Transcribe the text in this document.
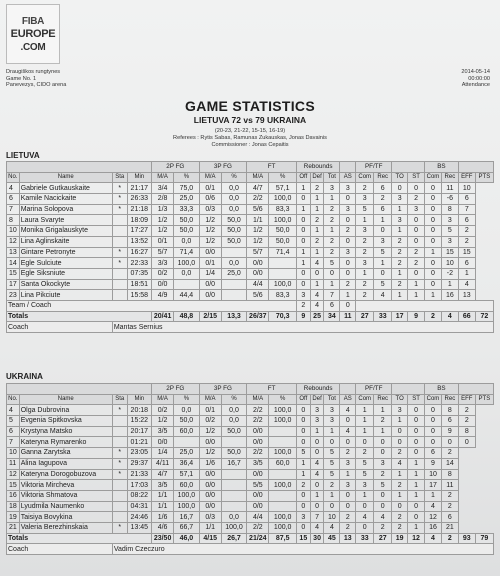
FIBA
EUROPE
.COM
Draugiškos rungtynes
Game No. 1
Panevezys, CIDO arena
2014-05-14
00:00:00
Attendance
GAME STATISTICS
LIETUVA 72 vs 79 UKRAINA
(20-23, 21-22, 15-15, 16-19)
Referees : Rytis Sabas, Ramunas Zukauskas, Jonas Davainis
Commissioner : Jonas Cepaitis
LIETUVA
				2P FG		3P FG		FT		Rebounds				PF/TF				BS			
No.	Name	Sta	Min	M/A	%	M/A	%	M/A	%	Off	Def	Tot	AS	Com	Rec	TO	ST	Com	Rec	EFF	PTS
4	Gabriele Gutkauskaite	*	21:17	3/4	75,0	0/1	0,0	4/7	57,1	1	2	3	3	2	6	0	0	0	11	10	
6	Kamile Nacickaite	*	26:33	2/8	25,0	0/6	0,0	2/2	100,0	0	1	1	0	3	2	3	2	0	-6	6	
7	Marina Solopova	*	21:18	1/3	33,3	0/3	0,0	5/6	83,3	1	1	2	3	5	6	1	3	0	8	7	
8	Laura Svaryte		18:09	1/2	50,0	1/2	50,0	1/1	100,0	0	2	2	0	1	1	3	0	0	3	6	
10	Monika Grigalauskyte		17:27	1/2	50,0	1/2	50,0	1/2	50,0	0	1	1	2	3	0	1	0	0	5	2	
12	Lina Aglinskaite		13:52	0/1	0,0	1/2	50,0	1/2	50,0	0	2	2	0	2	3	2	0	0	3	2	
13	Gintare Petronyte	*	16:27	5/7	71,4	0/0		5/7	71,4	1	1	2	3	2	5	2	2	1	15	15	
14	Egle Sulciute	*	22:33	3/3	100,0	0/1	0,0	0/0		1	4	5	0	3	1	2	2	0	10	6	
15	Egle Siksniute		07:35	0/2	0,0	1/4	25,0	0/0		0	0	0	0	1	0	1	0	0	-2	1	
17	Santa Okockyte		18:51	0/0		0/0		4/4	100,0	0	1	1	2	2	5	2	1	0	1	4	
23	Lina Pikciute		15:58	4/9	44,4	0/0		5/6	83,3	3	4	7	1	2	4	1	1	1	16	13	
Team / Coach										2	4	6	0								
Totals				20/41	48,8	2/15	13,3	26/37	70,3	9	25	34	11	27	33	17	9	2	4	66	72
Coach		Mantas Sernius																			
UKRAINA
				2P FG		3P FG		FT		Rebounds				PF/TF				BS			
No.	Name	Sta	Min	M/A	%	M/A	%	M/A	%	Off	Def	Tot	AS	Com	Rec	TO	ST	Com	Rec	EFF	PTS
4	Olga Dubrovina	*	20:18	0/2	0,0	0/1	0,0	2/2	100,0	0	3	3	4	1	1	3	0	0	8	2	
5	Evgenia Spitkovska		15:22	1/2	50,0	0/2	0,0	2/2	100,0	0	3	3	0	1	2	1	0	0	6	2	
6	Krystyna Matsko		20:17	3/5	60,0	1/2	50,0	0/0		0	1	1	4	1	1	0	0	0	9	8	
7	Kateryna Rymarenko		01:21	0/0		0/0		0/0		0	0	0	0	0	0	0	0	0	0	0	
10	Ganna Zarytska	*	23:05	1/4	25,0	1/2	50,0	2/2	100,0	5	0	5	2	2	0	2	0	6	2		
11	Alina Iagupova	*	29:37	4/11	36,4	1/6	16,7	3/5	60,0	1	4	5	3	5	3	4	1	9	14		
12	Kateryna Dorogobuzova	*	21:33	4/7	57,1	0/0		0/0		1	4	5	1	5	2	1	1	10	8		
15	Viktoria Mircheva		17:03	3/5	60,0	0/0		5/5	100,0	2	0	2	3	3	5	2	1	17	11		
16	Viktoria Shmatova		08:22	1/1	100,0	0/0		0/0		0	1	1	0	1	0	1	1	1	2		
18	Lyudmila Naumenko		04:31	1/1	100,0	0/0		0/0		0	0	0	0	0	0	0	0	4	2		
19	Taisiya Bovykina		24:46	1/6	16,7	0/3	0,0	4/4	100,0	3	7	10	2	4	4	2	0	12	6		
21	Valeria Berezhinskaia	*	13:45	4/6	66,7	1/1	100,0	2/2	100,0	0	4	4	2	0	2	2	1	16	21		
Totals				23/50	46,0	4/15	26,7	21/24	87,5	15	30	45	13	33	27	19	12	4	2	93	79
Coach		Vadim Czeczuro																			
